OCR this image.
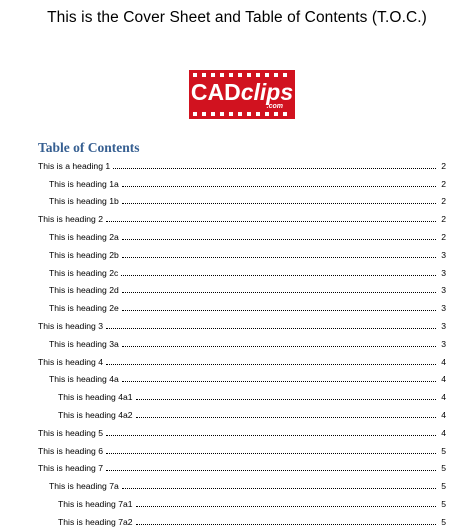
This is the Cover Sheet and Table of Contents (T.O.C.)
CADclips
.com
Table of Contents
This is a heading 1	2
This is heading 1a	2
This is heading 1b	2
This is heading 2	2
This is heading 2a	2
This is heading 2b	3
This is heading 2c	3
This is heading 2d	3
This is heading 2e	3
This is heading 3	3
This is heading 3a	3
This is heading 4	4
This is heading 4a	4
This is heading 4a1	4
This is heading 4a2	4
This is heading 5	4
This is heading 6	5
This is heading 7	5
This is heading 7a	5
This is heading 7a1	5
This is heading 7a2	5
